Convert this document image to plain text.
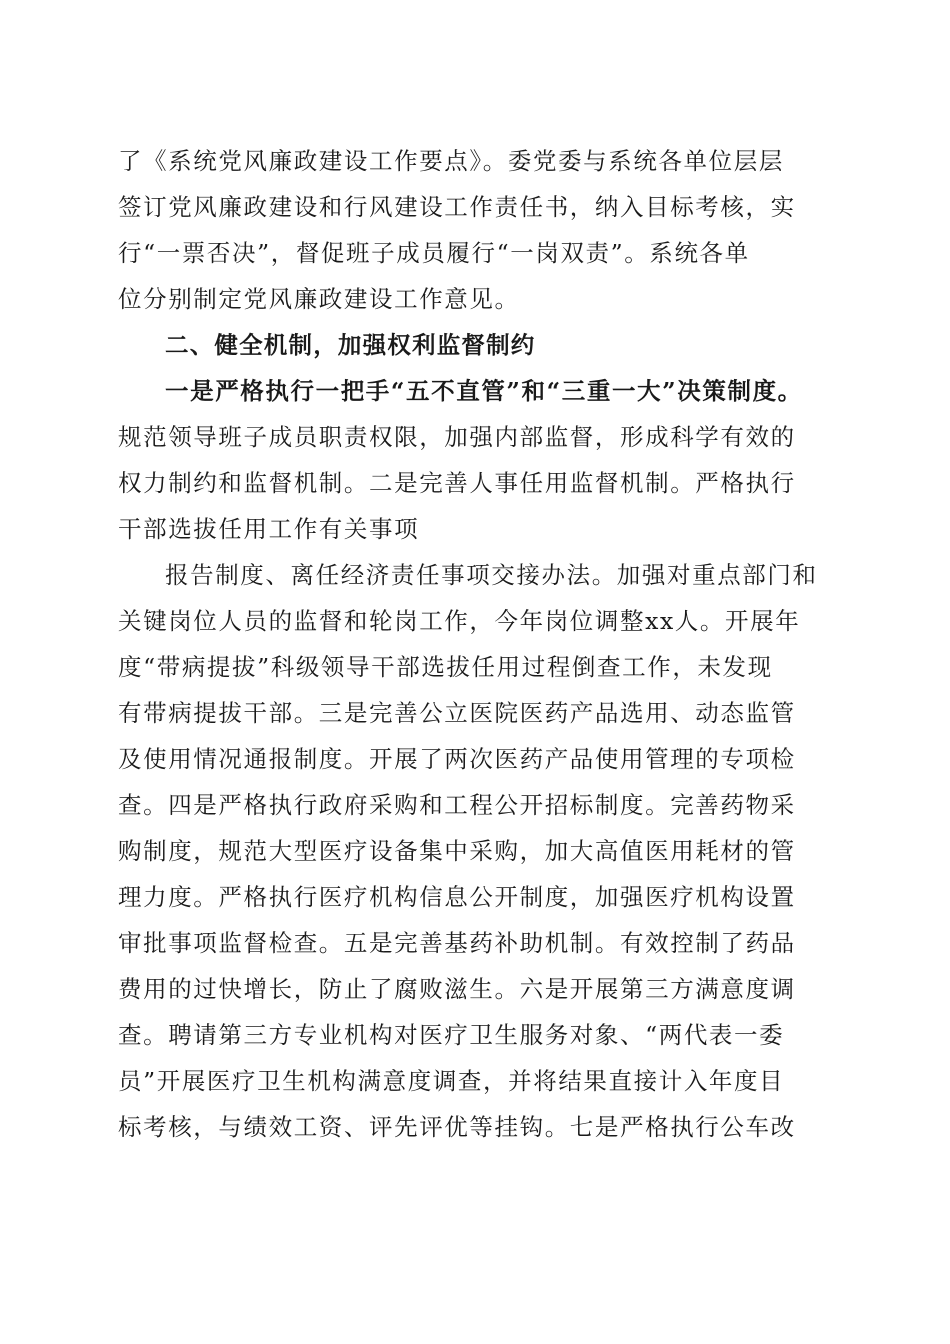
了《系统党风廉政建设工作要点》。委党委与系统各单位层层
签订党风廉政建设和行风建设工作责任书，纳入目标考核，实
行“一票否决”，督促班子成员履行“一岗双责”。系统各单
位分别制定党风廉政建设工作意见。
二、健全机制，加强权利监督制约
一是严格执行一把手“五不直管”和“三重一大”决策制度。
规范领导班子成员职责权限，加强内部监督，形成科学有效的
权力制约和监督机制。二是完善人事任用监督机制。严格执行
干部选拔任用工作有关事项
报告制度、离任经济责任事项交接办法。加强对重点部门和
关键岗位人员的监督和轮岗工作，今年岗位调整xx人。开展年
度“带病提拔”科级领导干部选拔任用过程倒查工作，未发现
有带病提拔干部。三是完善公立医院医药产品选用、动态监管
及使用情况通报制度。开展了两次医药产品使用管理的专项检
查。四是严格执行政府采购和工程公开招标制度。完善药物采
购制度，规范大型医疗设备集中采购，加大高值医用耗材的管
理力度。严格执行医疗机构信息公开制度，加强医疗机构设置
审批事项监督检查。五是完善基药补助机制。有效控制了药品
费用的过快增长，防止了腐败滋生。六是开展第三方满意度调
查。聘请第三方专业机构对医疗卫生服务对象、“两代表一委
员”开展医疗卫生机构满意度调查，并将结果直接计入年度目
标考核，与绩效工资、评先评优等挂钩。七是严格执行公车改
